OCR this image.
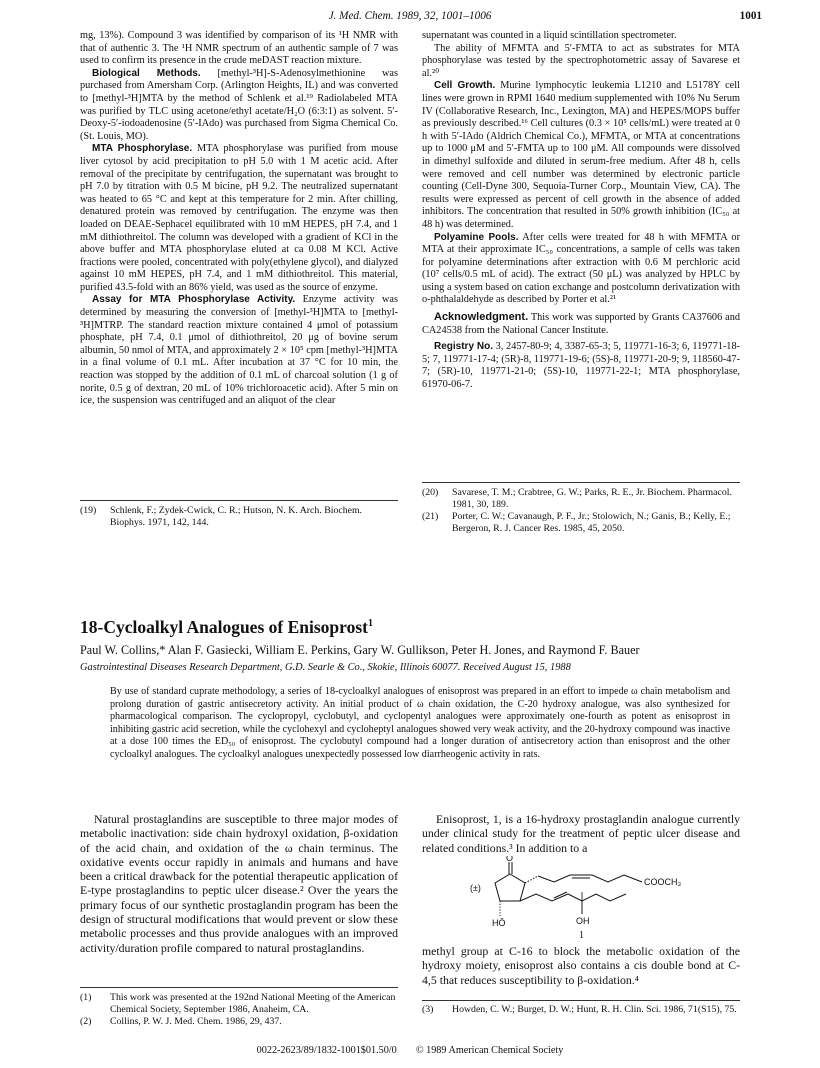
J. Med. Chem. 1989, 32, 1001–1006	1001

mg, 13%). Compound 3 was identified by comparison of its ¹H NMR with that of authentic 3. The ¹H NMR spectrum of an authentic sample of 7 was used to confirm its presence in the crude meDAST reaction mixture.

Biological Methods. [methyl-³H]-S-Adenosylmethionine was purchased from Amersham Corp. (Arlington Heights, IL) and was converted to [methyl-³H]MTA by the method of Schlenk et al.¹⁹ Radiolabeled MTA was purified by TLC using acetone/ethyl acetate/H₂O (6:3:1) as solvent. 5′-Deoxy-5′-iodoadenosine (5′-IAdo) was purchased from Sigma Chemical Co. (St. Louis, MO).

MTA Phosphorylase. MTA phosphorylase was purified from mouse liver cytosol by acid precipitation to pH 5.0 with 1 M acetic acid. After removal of the precipitate by centrifugation, the supernatant was brought to pH 7.0 by titration with 0.5 M bicine, pH 9.2. The neutralized supernatant was heated to 65 °C and kept at this temperature for 2 min. After chilling, denatured protein was removed by centrifugation. The enzyme was then loaded on DEAE-Sephacel equilibrated with 10 mM HEPES, pH 7.4, and 1 mM dithiothreitol. The column was developed with a gradient of KCl in the above buffer and MTA phosphorylase eluted at ca 0.08 M KCl. Active fractions were pooled, concentrated with poly(ethylene glycol), and dialyzed against 10 mM HEPES, pH 7.4, and 1 mM dithiothreitol. This material, purified 43.5-fold with an 86% yield, was used as the source of enzyme.

Assay for MTA Phosphorylase Activity. Enzyme activity was determined by measuring the conversion of [methyl-³H]MTA to [methyl-³H]MTRP. The standard reaction mixture contained 4 μmol of potassium phosphate, pH 7.4, 0.1 μmol of dithiothreitol, 20 μg of bovine serum albumin, 50 nmol of MTA, and approximately 2 × 10⁵ cpm [methyl-³H]MTA in a final volume of 0.1 mL. After incubation at 37 °C for 10 min, the reaction was stopped by the addition of 0.1 mL of charcoal solution (1 g of norite, 0.5 g of dextran, 20 mL of 10% trichloroacetic acid). After 5 min on ice, the suspension was centrifuged and an aliquot of the clear

supernatant was counted in a liquid scintillation spectrometer.

The ability of MFMTA and 5′-FMTA to act as substrates for MTA phosphorylase was tested by the spectrophotometric assay of Savarese et al.²⁰

Cell Growth. Murine lymphocytic leukemia L1210 and L5178Y cell lines were grown in RPMI 1640 medium supplemented with 10% Nu Serum IV (Collaborative Research, Inc., Lexington, MA) and HEPES/MOPS buffer as previously described.¹⁶ Cell cultures (0.3 × 10⁵ cells/mL) were treated at 0 h with 5′-IAdo (Aldrich Chemical Co.), MFMTA, or MTA at concentrations up to 1000 μM and 5′-FMTA up to 100 μM. All compounds were dissolved in dimethyl sulfoxide and diluted in serum-free medium. After 48 h, cells were removed and cell number was determined by electronic particle counting (Cell-Dyne 300, Sequoia-Turner Corp., Mountain View, CA). The results were expressed as percent of cell growth in the absence of added inhibitors. The concentration that resulted in 50% growth inhibition (IC₅₀ at 48 h) was determined.

Polyamine Pools. After cells were treated for 48 h with MFMTA or MTA at their approximate IC₅₀ concentrations, a sample of cells was taken for polyamine determinations after extraction with 0.6 M perchloric acid (10⁷ cells/0.5 mL of acid). The extract (50 μL) was analyzed by HPLC by using a system based on cation exchange and postcolumn derivatization with o-phthalaldehyde as described by Porter et al.²¹

Acknowledgment. This work was supported by Grants CA37606 and CA24538 from the National Cancer Institute.

Registry No. 3, 2457-80-9; 4, 3387-65-3; 5, 119771-16-3; 6, 119771-18-5; 7, 119771-17-4; (5R)-8, 119771-19-6; (5S)-8, 119771-20-9; 9, 118560-47-7; (5R)-10, 119771-21-0; (5S)-10, 119771-22-1; MTA phosphorylase, 61970-06-7.

(19)	Schlenk, F.; Zydek-Cwick, C. R.; Hutson, N. K. Arch. Biochem. Biophys. 1971, 142, 144.
(20)	Savarese, T. M.; Crabtree, G. W.; Parks, R. E., Jr. Biochem. Pharmacol. 1981, 30, 189.
(21)	Porter, C. W.; Cavanaugh, P. F., Jr.; Stolowich, N.; Ganis, B.; Kelly, E.; Bergeron, R. J. Cancer Res. 1985, 45, 2050.
18-Cycloalkyl Analogues of Enisoprost$^1$
Paul W. Collins,* Alan F. Gasiecki, William E. Perkins, Gary W. Gullikson, Peter H. Jones, and Raymond F. Bauer
Gastrointestinal Diseases Research Department, G.D. Searle & Co., Skokie, Illinois 60077. Received August 15, 1988
By use of standard cuprate methodology, a series of 18-cycloalkyl analogues of enisoprost was prepared in an effort to impede ω chain metabolism and prolong duration of gastric antisecretory activity. An initial product of ω chain oxidation, the C-20 hydroxy analogue, was also synthesized for pharmacological comparison. The cyclopropyl, cyclobutyl, and cyclopentyl analogues were approximately one-fourth as potent as enisoprost in inhibiting gastric acid secretion, while the cyclohexyl and cycloheptyl analogues showed very weak activity, and the 20-hydroxy compound was inactive at a dose 100 times the ED₅₀ of enisoprost. The cyclobutyl compound had a longer duration of antisecretory action than enisoprost and the other cycloalkyl analogues. The cycloalkyl analogues unexpectedly possessed low diarrheogenic activity in rats.

Natural prostaglandins are susceptible to three major modes of metabolic inactivation: side chain hydroxyl oxidation, β-oxidation of the acid chain, and oxidation of the ω chain terminus. The oxidative events occur rapidly in animals and humans and have been a critical drawback for the potential therapeutic application of E-type prostaglandins to peptic ulcer disease.² Over the years the primary focus of our synthetic prostaglandin program has been the design of structural modifications that would prevent or slow these metabolic processes and thus provide analogues with an improved activity/duration profile compared to natural prostaglandins.

Enisoprost, 1, is a 16-hydroxy prostaglandin analogue currently under clinical study for the treatment of peptic ulcer disease and related conditions.³ In addition to a

O
COOCH₃
(±)
HŌ	OH
1

methyl group at C-16 to block the metabolic oxidation of the hydroxy moiety, enisoprost also contains a cis double bond at C-4,5 that reduces susceptibility to β-oxidation.⁴

(1)	This work was presented at the 192nd National Meeting of the American Chemical Society, September 1986, Anaheim, CA.
(2)	Collins, P. W. J. Med. Chem. 1986, 29, 437.
(3)	Howden, C. W.; Burget, D. W.; Hunt, R. H. Clin. Sci. 1986, 71(S15), 75.
0022-2623/89/1832-1001$01.50/0 © 1989 American Chemical Society
